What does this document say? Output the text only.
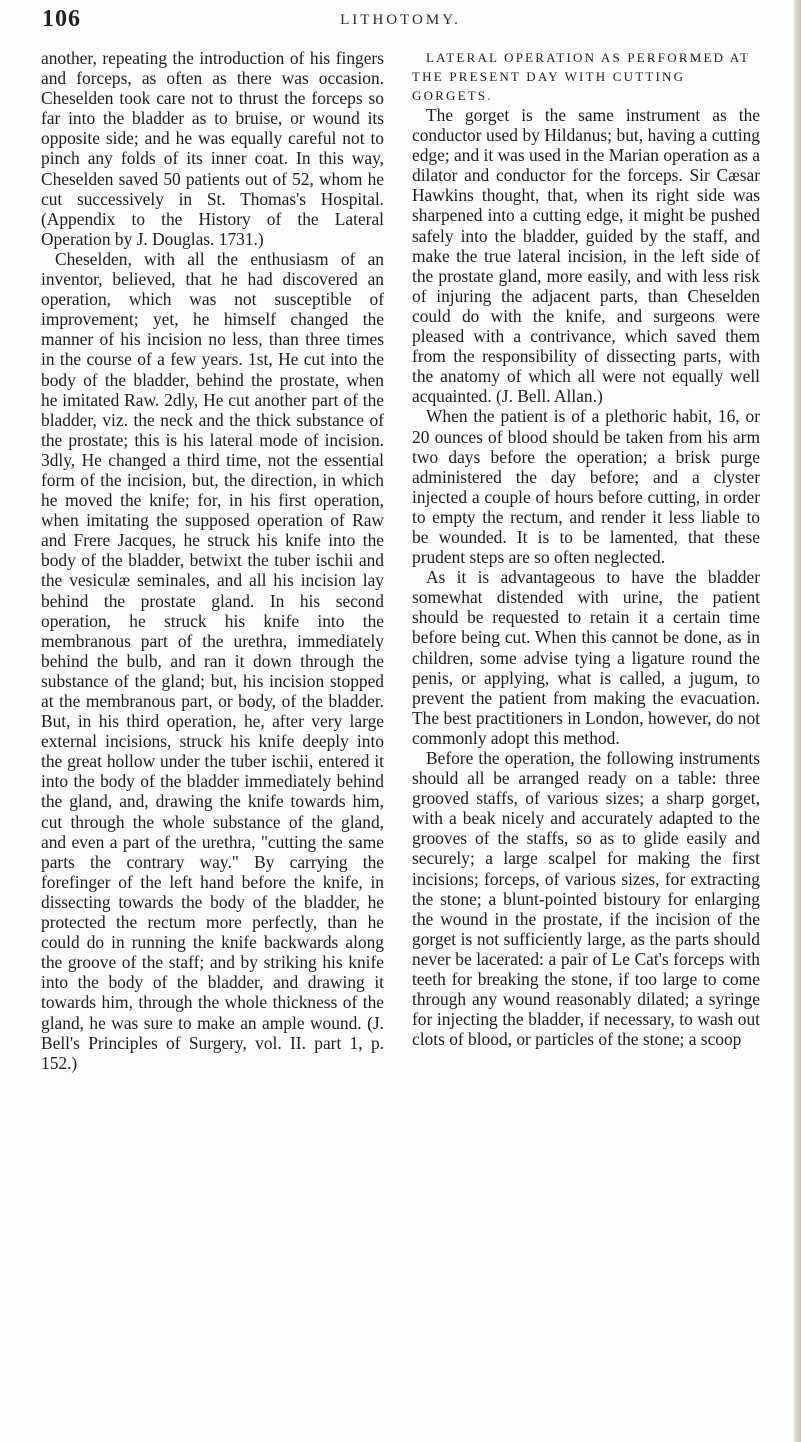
106	LITHOTOMY.

another, repeating the introduction of his fingers and forceps, as often as there was occasion. Cheselden took care not to thrust the forceps so far into the bladder as to bruise, or wound its opposite side; and he was equally careful not to pinch any folds of its inner coat. In this way, Cheselden saved 50 patients out of 52, whom he cut successively in St. Thomas's Hospital. (Appendix to the History of the Lateral Operation by J. Douglas. 1731.)

Cheselden, with all the enthusiasm of an inventor, believed, that he had discovered an operation, which was not susceptible of improvement; yet, he himself changed the manner of his incision no less, than three times in the course of a few years. 1st, He cut into the body of the bladder, behind the prostate, when he imitated Raw. 2dly, He cut another part of the bladder, viz. the neck and the thick substance of the prostate; this is his lateral mode of incision. 3dly, He changed a third time, not the essential form of the incision, but, the direction, in which he moved the knife; for, in his first operation, when imitating the supposed operation of Raw and Frere Jacques, he struck his knife into the body of the bladder, betwixt the tuber ischii and the vesiculæ seminales, and all his incision lay behind the prostate gland. In his second operation, he struck his knife into the membranous part of the urethra, immediately behind the bulb, and ran it down through the substance of the gland; but, his incision stopped at the membranous part, or body, of the bladder. But, in his third operation, he, after very large external incisions, struck his knife deeply into the great hollow under the tuber ischii, entered it into the body of the bladder immediately behind the gland, and, drawing the knife towards him, cut through the whole substance of the gland, and even a part of the urethra, "cutting the same parts the contrary way." By carrying the forefinger of the left hand before the knife, in dissecting towards the body of the bladder, he protected the rectum more perfectly, than he could do in running the knife backwards along the groove of the staff; and by striking his knife into the body of the bladder, and drawing it towards him, through the whole thickness of the gland, he was sure to make an ample wound. (J. Bell's Principles of Surgery, vol. II. part 1, p. 152.)

LATERAL OPERATION AS PERFORMED AT THE PRESENT DAY WITH CUTTING GORGETS.

The gorget is the same instrument as the conductor used by Hildanus; but, having a cutting edge; and it was used in the Marian operation as a dilator and conductor for the forceps. Sir Cæsar Hawkins thought, that, when its right side was sharpened into a cutting edge, it might be pushed safely into the bladder, guided by the staff, and make the true lateral incision, in the left side of the prostate gland, more easily, and with less risk of injuring the adjacent parts, than Cheselden could do with the knife, and surgeons were pleased with a contrivance, which saved them from the responsibility of dissecting parts, with the anatomy of which all were not equally well acquainted. (J. Bell. Allan.)

When the patient is of a plethoric habit, 16, or 20 ounces of blood should be taken from his arm two days before the operation; a brisk purge administered the day before; and a clyster injected a couple of hours before cutting, in order to empty the rectum, and render it less liable to be wounded. It is to be lamented, that these prudent steps are so often neglected.

As it is advantageous to have the bladder somewhat distended with urine, the patient should be requested to retain it a certain time before being cut. When this cannot be done, as in children, some advise tying a ligature round the penis, or applying, what is called, a jugum, to prevent the patient from making the evacuation. The best practitioners in London, however, do not commonly adopt this method.

Before the operation, the following instruments should all be arranged ready on a table: three grooved staffs, of various sizes; a sharp gorget, with a beak nicely and accurately adapted to the grooves of the staffs, so as to glide easily and securely; a large scalpel for making the first incisions; forceps, of various sizes, for extracting the stone; a blunt-pointed bistoury for enlarging the wound in the prostate, if the incision of the gorget is not sufficiently large, as the parts should never be lacerated: a pair of Le Cat's forceps with teeth for breaking the stone, if too large to come through any wound reasonably dilated; a syringe for injecting the bladder, if necessary, to wash out clots of blood, or particles of the stone; a scoop
